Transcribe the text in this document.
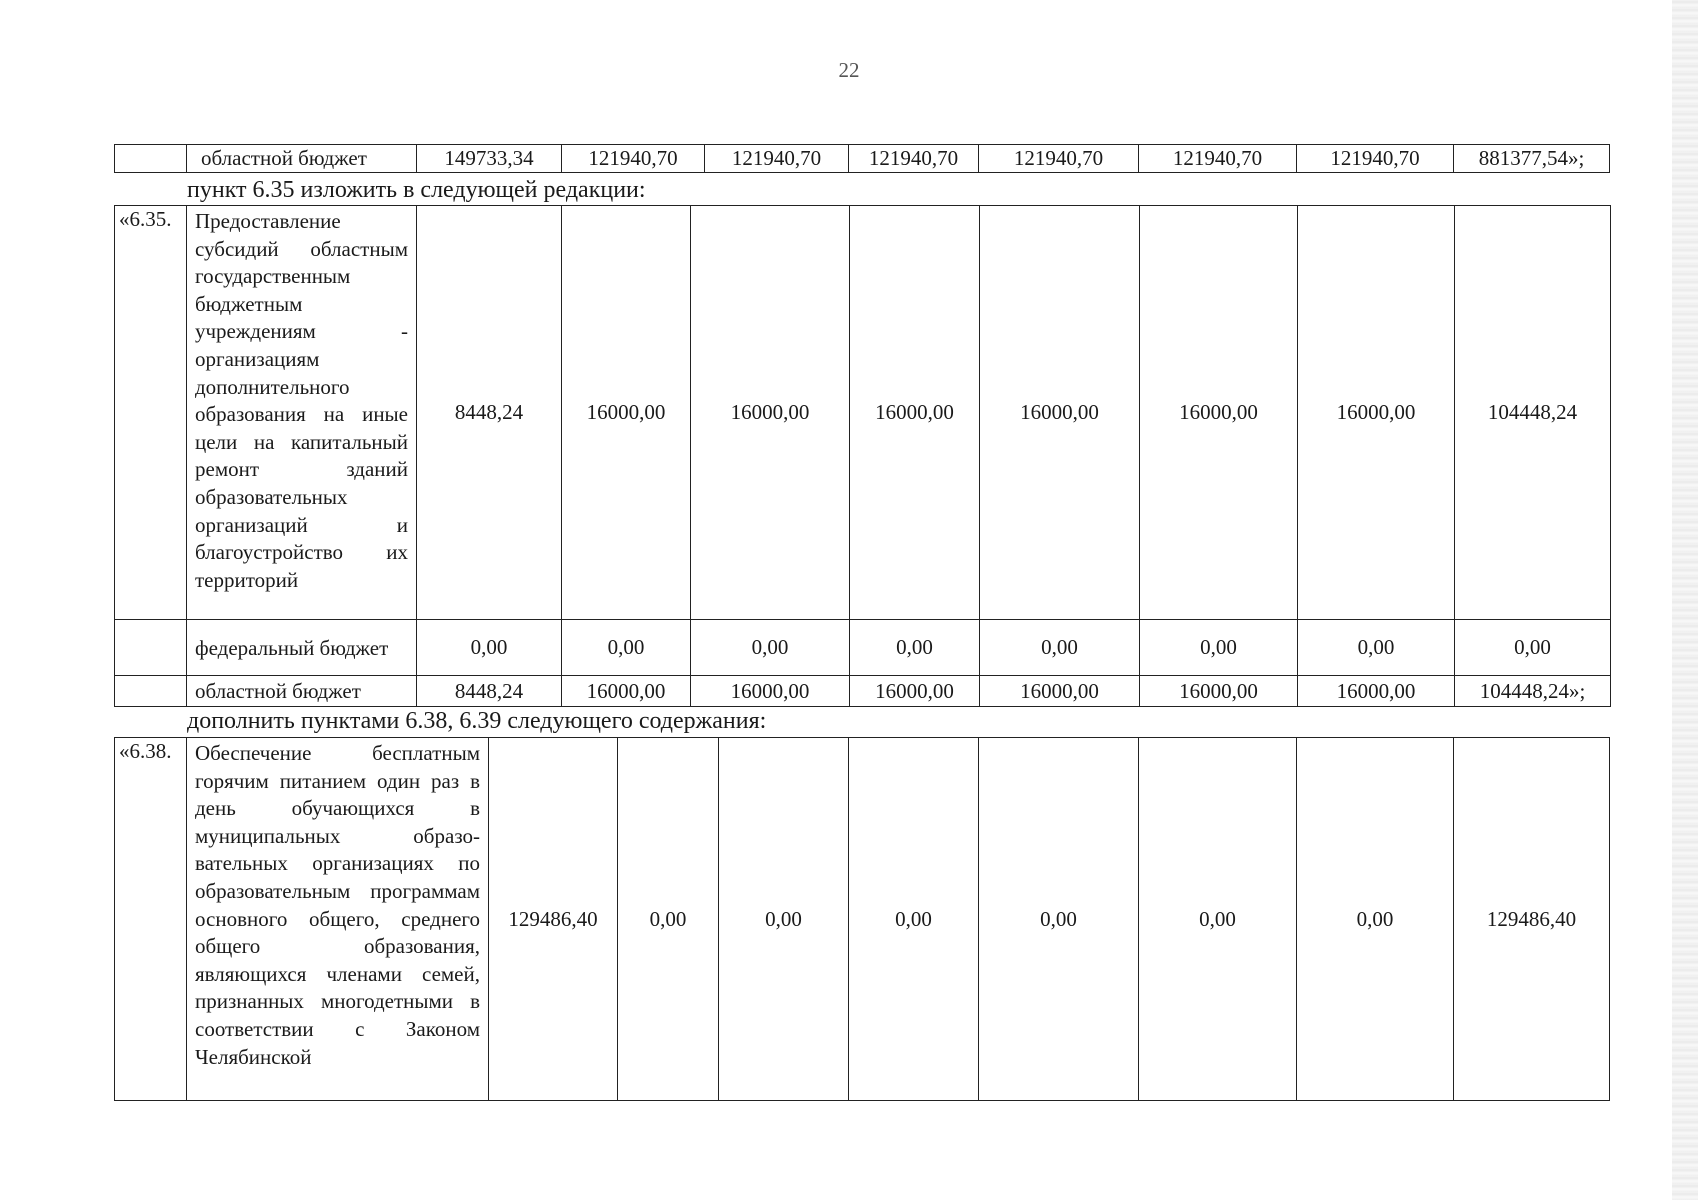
22
	областной бюджет	149733,34	121940,70	121940,70	121940,70	121940,70	121940,70	121940,70	881377,54»;
пункт 6.35 изложить в следующей редакции:
«6.35.	Предоставление субсидий областным государственным бюджетным учреждениям - организациям дополнительного образования на иные цели на капитальный ремонт зданий образовательных организаций и благоустройство их территорий	8448,24	16000,00	16000,00	16000,00	16000,00	16000,00	16000,00	104448,24
	федеральный бюджет	0,00	0,00	0,00	0,00	0,00	0,00	0,00	0,00
	областной бюджет	8448,24	16000,00	16000,00	16000,00	16000,00	16000,00	16000,00	104448,24»;
дополнить пунктами 6.38, 6.39 следующего содержания:
«6.38.	Обеспечение бесплатным горячим питанием один раз в день обучающихся в муниципальных образовательных организациях по образовательным программам основного общего, среднего общего образования, являющихся членами семей, признанных многодетными в соответствии с Законом Челябинской	129486,40	0,00	0,00	0,00	0,00	0,00	0,00	129486,40
